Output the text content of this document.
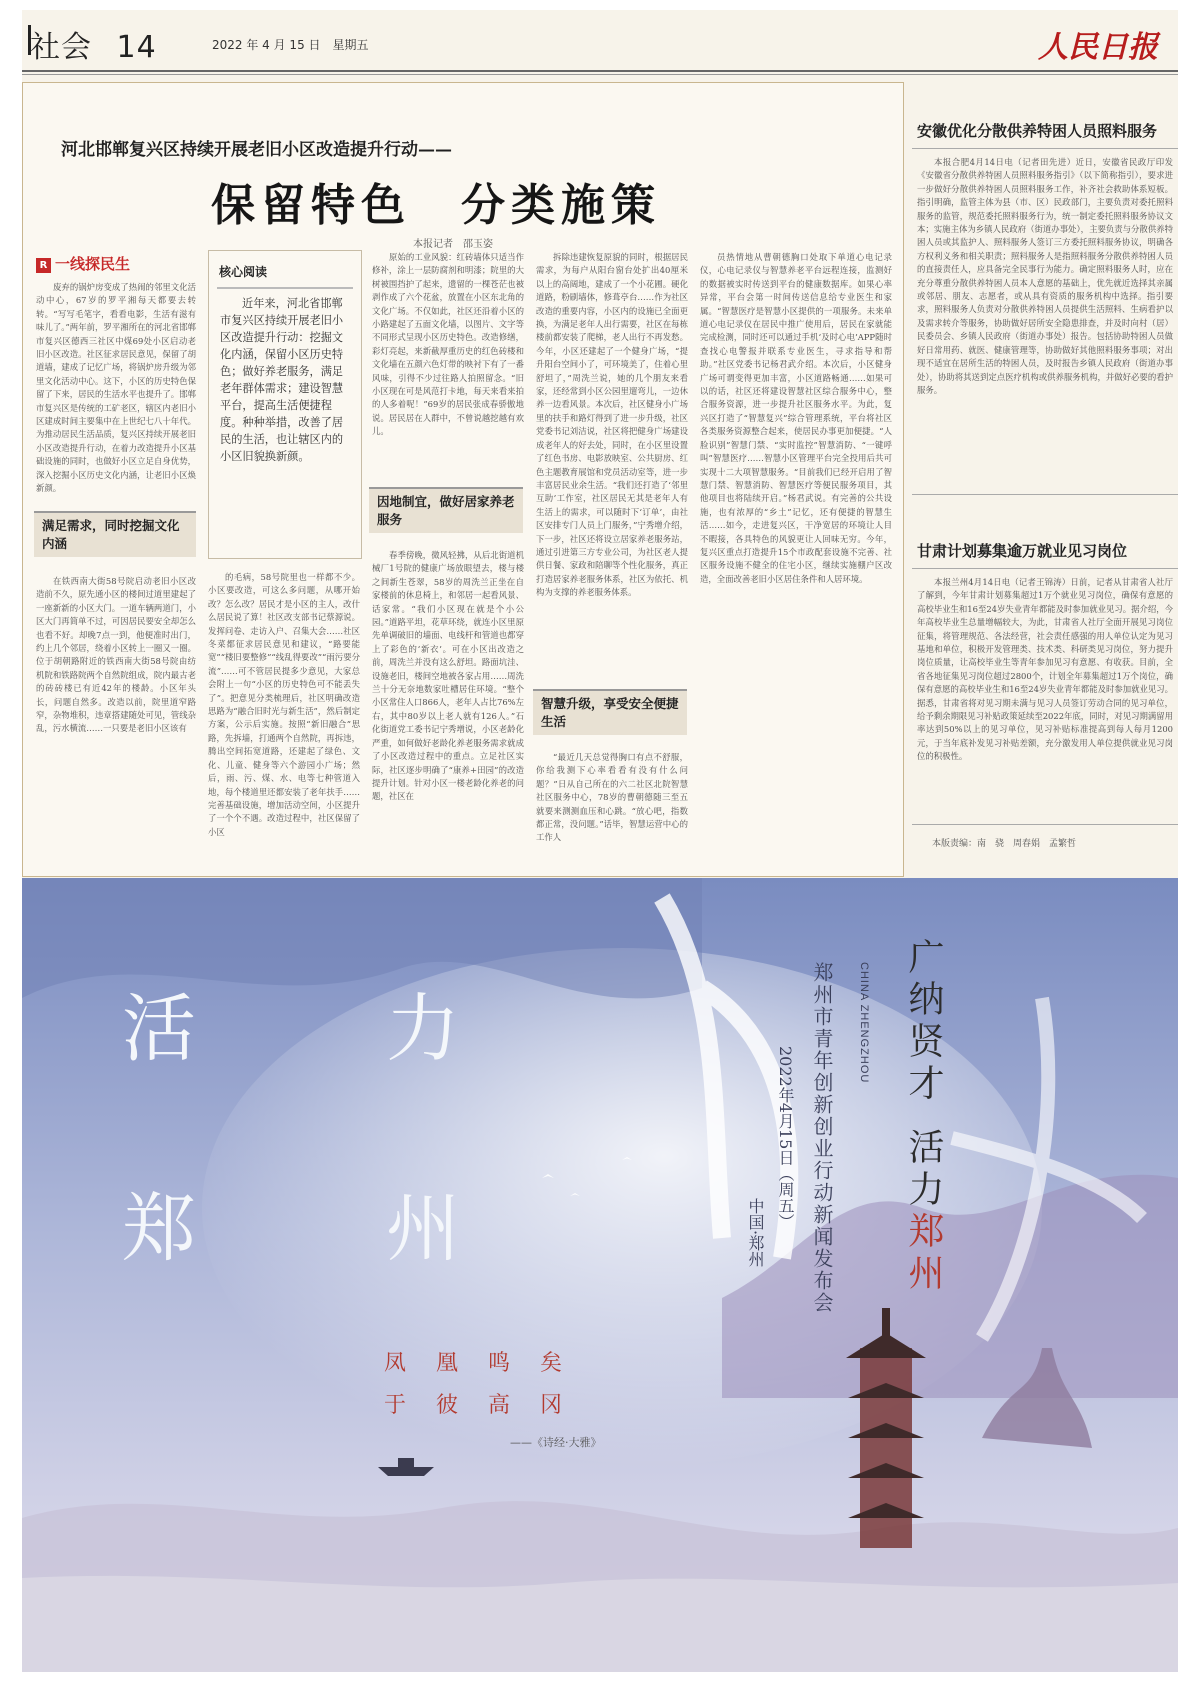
社会 14	2022 年 4 月 15 日　星期五	人民日报
河北邯郸复兴区持续开展老旧小区改造提升行动——
保留特色　分类施策
本报记者　邵玉姿
R 一线探民生

废弃的锅炉房变成了热闹的邻里文化活动中心，67岁的罗平湘每天都要去转转。“写写毛笔字，看看电影，生活有滋有味儿了。”两年前，罗平湘所在的河北省邯郸市复兴区德西三社区中煤69处小区启动老旧小区改造。社区征求居民意见，保留了胡道墙，建成了记忆广场，将锅炉房升级为邻里文化活动中心。这下，小区的历史特色保留了下来，居民的生活水平也提升了。邯郸市复兴区是传统的工矿老区，辖区内老旧小区建成时间主要集中在上世纪七八十年代。为推动居民生活品质，复兴区持续开展老旧小区改造提升行动，在着力改造提升小区基础设施的同时，也做好小区立足自身优势，深入挖掘小区历史文化内涵，让老旧小区焕新颜。

满足需求，同时挖掘文化内涵

在铁西南大街58号院启动老旧小区改造前不久，原先通小区的楼间过道里建起了一座新新的小区大门。一道车辆两道门，小区大门再简单不过，可因居民要安全却怎么也看不好。却晚7点一到，他便准时出门，约上几个邻居，绕着小区转上一圈又一圈。位于胡朝路附近的铁西南大街58号院由纺机院和铁路院两个自然院组成，院内最古老的砖砖楼已有近42年的楼龄。小区年头长，问题自然多。改造以前，院里道窄路窄，杂物堆积，违章搭建随处可见，管线杂乱，污水横流……一只要是老旧小区该有

核心阅读
近年来，河北省邯郸市复兴区持续开展老旧小区改造提升行动：挖掘文化内涵，保留小区历史特色；做好养老服务，满足老年群体需求；建设智慧平台，提高生活便捷程度。种种举措，改善了居民的生活，也让辖区内的小区旧貌换新颜。

的毛病，58号院里也一样都不少。小区要改造，可这么多问题，从哪开始改？怎么改？居民才是小区的主人，改什么居民说了算！社区改支部书记蔡源说。发挥问卷、走访入户、召集大会……社区冬菜都征求居民意见和建议，“路要能宽”“楼旧要整修”“线乱得要改”“雨污要分流”……可不管居民提多少意见，大家总会附上一句“小区的历史特色可不能丢失了”。把意见分类梳理后，社区明确改造思路为“融合旧时光与新生活”，然后制定方案，公示后实施。按照“新旧融合”思路，先拆墙，打通两个自然院，再拆违，腾出空间拓宽道路，还建起了绿色、文化、儿童、健身等六个游园小广场；然后，雨、污、煤、水、电等七种管道入地，每个楼道里还都安装了老年扶手……完善基础设施，增加活动空间，小区提升了一个个不遇。改造过程中，社区保留了小区

原始的工业风貌：红砖墙体只适当作修补，涂上一层防腐剂和明漆；院里的大树被围挡护了起来，遗留的一棵苍茫也被剥作成了六个花盆，放置在小区东北角的文化广场。不仅如此，社区还沿着小区的小路建起了五面文化墙，以图片、文字等不同形式呈现小区历史特色。改造修缮，彩灯亮起，来新截厚重历史的红色砖楼和文化墙在五颜六色灯带的映衬下有了一番风味，引得不少过往路人拍照留念。“旧小区现在可是风范打卡地，每天来看来拍的人多着呢！”69岁的居民张成春骄傲地说。居民居在人群中，不曾说越挖越有欢儿。

因地制宜，做好居家养老服务

春季傍晚，微风轻拂，从后北街道机械厂1号院的健康广场放眼望去，楼与楼之间新生苍翠，58岁的周洗兰正坐在自家楼前的休息椅上，和邻居一起看风景、话家常。“我们小区现在就是个小公园。”道路平坦，花草环绕，就连小区里原先单调破旧的墙面、电线杆和管道也都穿上了彩色的‘新衣’。可在小区出改造之前，周洗兰并没有这么舒坦。路面坑洼、设施老旧，楼间空地被各家占用……周洗兰十分无奈地数家吐槽居住环境。“整个小区常住人口866人，老年人占比76%左右，其中80岁以上老人就有126人。”石化街道党工委书记宁秀增说，小区老龄化严重，如何做好老龄化养老服务需求就成了小区改造过程中的重点。立足社区实际，社区逐步明确了“康养+田园”的改造提升计划。针对小区一楼老龄化养老的问题，社区在

拆除违建恢复原貌的同时，根据居民需求，为每户从阳台窗台处扩出40厘米以上的高阔地，建成了一个小花圃。硬化道路，粉刷墙体，修葺亭台……作为社区改造的重要内容，小区内的设施已全面更换，为满足老年人出行需要，社区在每栋楼前都安装了爬梯，老人出行不再发愁。今年，小区还建起了一个健身广场，“提升阳台空间小了，可环境美了，住着心里舒坦了，”周洗兰说，她的几个朋友来看家，还经常到小区公园里遛弯儿，一边休养一边看风景。本次后，社区健身小广场里的扶手和路灯得到了进一步升级，社区党委书记刘洁说，社区将把健身广场建设成老年人的好去处，同时，在小区里设置了红色书房、电影放映室、公共厨房、红色主题教育展馆和党员活动室等，进一步丰富居民业余生活。“我们还打造了‘邻里互助’工作室，社区居民无其是老年人有生活上的需求，可以随时下‘订单’，由社区安排专门人员上门服务，”宁秀增介绍，下一步，社区还将设立居家养老服务站，通过引进第三方专业公司，为社区老人提供日餐、家政和陪聊等个性化服务，真正打造居家养老服务体系，社区为依托、机构为支撑的养老服务体系。

智慧升级，享受安全便捷生活

“最近几天总觉得胸口有点不舒服，你给我测下心率看看有没有什么问题？”日从自己所在的六二社区北院智慧社区服务中心，78岁的曹朝德随三至五就要来测测血压和心跳。“放心吧，指数都正常，没问题。”话毕，智慧运营中心的工作人

员热情地从曹朝德胸口处取下单道心电记录仪，心电记录仪与智慧养老平台远程连接，监测好的数据被实时传送到平台的健康数据库。如果心率异常，平台会第一时间传送信息给专业医生和家属。“智慧医疗是智慧小区提供的一项服务。未来单道心电记录仪在居民中推广使用后，居民在家就能完成检测，同时还可以通过手机‘及时心电’APP随时查找心电警报并联系专业医生，寻求指导和帮助。”社区党委书记杨君武介绍。本次后，小区健身广场可谓变得更加丰富，小区道路畅通……如果可以的话，社区还将建设智慧社区综合服务中心，整合服务资源，进一步提升社区服务水平。为此，复兴区打造了“智慧复兴”综合管理系统，平台将社区各类服务资源整合起来，使居民办事更加便捷。“人脸识别”智慧门禁、“实时监控”智慧消防、“一键呼叫”智慧医疗……智慧小区管理平台完全投用后共可实现十二大项智慧服务。“目前我们已经开启用了智慧门禁、智慧消防、智慧医疗等便民服务项目，其他项目也将陆续开启。”杨君武说。有完善的公共设施，也有浓厚的“乡土”记忆，还有便捷的智慧生活……如今，走进复兴区，干净宽居的环境让人目不暇接，各具特色的风貌更让人回味无穷。今年，复兴区重点打造提升15个市政配套设施不完善、社区服务设施不健全的住宅小区，继续实施棚户区改造，全面改善老旧小区居住条件和人居环境。

安徽优化分散供养特困人员照料服务

本报合肥4月14日电（记者田先进）近日，安徽省民政厅印发《安徽省分散供养特困人员照料服务指引》（以下简称指引），要求进一步做好分散供养特困人员照料服务工作，补齐社会救助体系短板。指引明确，监管主体为县（市、区）民政部门，主要负责对委托照料服务的监管，规范委托照料服务行为，统一制定委托照料服务协议文本；实施主体为乡镇人民政府（街道办事处），主要负责与分散供养特困人员或其监护人、照料服务人签订三方委托照料服务协议，明确各方权利义务和相关职责；照料服务人是指照料服务分散供养特困人员的直接责任人，应具备完全民事行为能力。确定照料服务人时，应在充分尊重分散供养特困人员本人意愿的基础上，优先就近选择其亲属或邻居、朋友、志愿者，或从具有资质的服务机构中选择。指引要求，照料服务人负责对分散供养特困人员提供生活照料、生病看护以及需求转介等服务，协助做好居所安全隐患排查，并及时向村（居）民委员会、乡镇人民政府（街道办事处）报告。包括协助特困人员做好日常用药、就医、健康管理等，协助做好其他照料服务事项；对出现不适宜在居所生活的特困人员，及时报告乡镇人民政府（街道办事处），协助将其送到定点医疗机构或供养服务机构，并做好必要的看护服务。

甘肃计划募集逾万就业见习岗位

本报兰州4月14日电（记者王锦涛）日前，记者从甘肃省人社厅了解到，今年甘肃计划募集超过1万个就业见习岗位，确保有意愿的高校毕业生和16至24岁失业青年都能及时参加就业见习。据介绍，今年高校毕业生总量增幅较大，为此，甘肃省人社厅全面开展见习岗位征集，将管理规范、各法经营，社会责任感强的用人单位认定为见习基地和单位，积极开发管理类、技术类、科研类见习岗位，努力提升岗位质量，让高校毕业生等青年参加见习有意愿、有收获。目前，全省各地征集见习岗位超过2800个，计划全年募集超过1万个岗位，确保有意愿的高校毕业生和16至24岁失业青年都能及时参加就业见习。据悉，甘肃省将对见习期未满与见习人员签订劳动合同的见习单位，给予剩余期限见习补贴政策延续至2022年底，同时，对见习期满留用率达到50%以上的见习单位，见习补贴标准提高到每人每月1200元，于当年底补发见习补贴差额，充分激发用人单位提供就业见习岗位的积极性。

本版责编：南　骁　周春娟　孟繁哲
活　力
郑　州
凤凰鸣矣
于彼高冈
——《诗经·大雅》
CHINA ZHENGZHOU
郑州市青年创新创业行动新闻发布会
2022年4月15日（周五）
中国·郑州
广纳贤才活力郑州
